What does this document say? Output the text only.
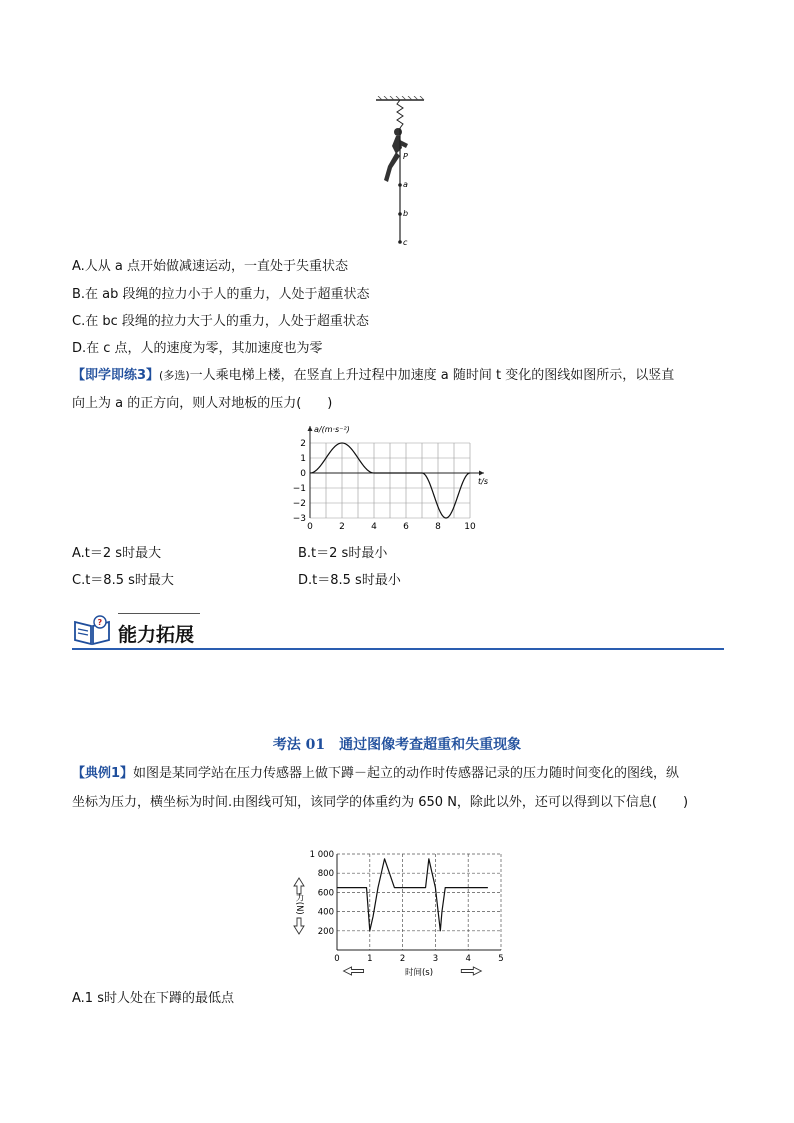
P
a
b
c
A.人从 a 点开始做减速运动，一直处于失重状态
B.在 ab 段绳的拉力小于人的重力，人处于超重状态
C.在 bc 段绳的拉力大于人的重力，人处于超重状态
D.在 c 点，人的速度为零，其加速度也为零
【即学即练3】(多选)一人乘电梯上楼，在竖直上升过程中加速度 a 随时间 t 变化的图线如图所示，以竖直
向上为 a 的正方向，则人对地板的压力(　　)
0	2	4	6	8	10
2
1
0
−1
−2
−3
a/(m·s⁻²)
t/s
A.t＝2 s时最大	B.t＝2 s时最小
C.t＝8.5 s时最大	D.t＝8.5 s时最小
?
能力拓展
考法 01　通过图像考查超重和失重现象
【典例1】如图是某同学站在压力传感器上做下蹲－起立的动作时传感器记录的压力随时间变化的图线，纵
坐标为压力，横坐标为时间.由图线可知，该同学的体重约为 650 N，除此以外，还可以得到以下信息(　　)
1 000
800
600
400
200
0	1	2	3	4	5
力(N)
时间(s)
A.1 s时人处在下蹲的最低点
